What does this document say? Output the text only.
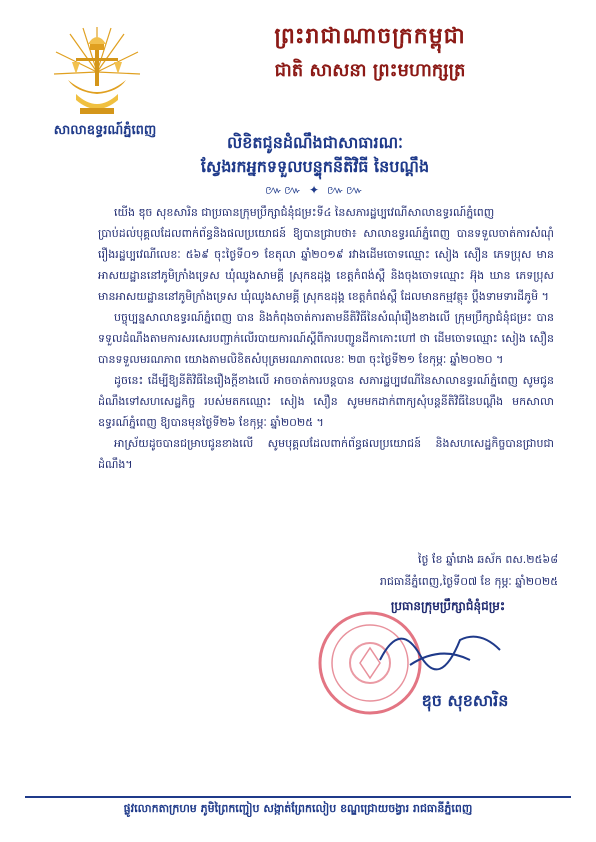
សាលាឧទ្ធរណ៍ភ្នំពេញ
ព្រះរាជាណាចក្រកម្ពុជា
ជាតិ សាសនា ព្រះមហាក្សត្រ
លិខិតជូនដំណឹងជាសាធារណៈ
ស្វែងរកអ្នកទទួលបន្ទុកនីតិវិធី នៃបណ្ដឹង
៚៚ ✦ ៚៚

យើង ឌុច សុខសារិន ជាប្រធានក្រុមប្រឹក្សាជំនុំជម្រះទី៤ នៃសភារដ្ឋប្បវេណីសាលាឧទ្ធរណ៍ភ្នំពេញ

ប្រាប់ដល់បុគ្គលដែលពាក់ព័ន្ធនិងផលប្រយោជន៍ ឱ្យបានជ្រាបថា៖ សាលាឧទ្ធរណ៍ភ្នំពេញ បានទទួលចាត់ការសំណុំរឿងរដ្ឋប្បវេណីលេខៈ ៥៦៩ ចុះថ្ងៃទី០១ ខែតុលា ឆ្នាំ២០១៩ រវាងដើមចោទឈ្មោះ សៀង សឿន ភេទប្រុស មានអាសយដ្ឋាននៅភូមិក្រាំងទ្រេស ឃុំឈូងសាមគ្គី ស្រុកឧដុង្គ ខេត្តកំពង់ស្ពឺ និងចុងចោទឈ្មោះ អ៊ុង ឃាន ភេទប្រុស មានអាសយដ្ឋាននៅភូមិក្រាំងទ្រេស ឃុំឈូងសាមគ្គី ស្រុកឧដុង្គ ខេត្តកំពង់ស្ពឺ ដែលមានកម្មវត្ថុ៖ ប្តឹងទាមទារដីភូមិ ។

បច្ចុប្បន្នសាលាឧទ្ធរណ៍ភ្នំពេញ បាន និងកំពុងចាត់ការតាមនីតិវិធីនៃសំណុំរឿងខាងលើ ក្រុមប្រឹក្សាជំនុំជម្រះ បានទទួលដំណឹងតាមការសរសេរបញ្ជាក់លើរបាយការណ៍ស្ដីពីការបញ្ជូនដីកាកោះហៅ ថា ដើមចោទឈ្មោះ សៀង សឿន បានទទួលមរណភាព យោងតាមលិខិតសំបុត្រមរណភាពលេខៈ ២៣ ចុះថ្ងៃទី២១ ខែកុម្ភៈ ឆ្នាំ២០២០ ។

ដូចនេះ ដើម្បីឱ្យនីតិវិធីនៃរឿងក្តីខាងលើ អាចចាត់ការបន្តបាន សភារដ្ឋប្បវេណីនៃសាលាឧទ្ធរណ៍ភ្នំពេញ សូមជូនដំណឹងទៅសហសេដ្ឋកិច្ច របស់មតកឈ្មោះ សៀង សឿន សូមមកដាក់ពាក្យសុំបន្តនីតិវិធីនៃបណ្ដឹង មកសាលាឧទ្ធរណ៍ភ្នំពេញ ឱ្យបានមុនថ្ងៃទី២៦ ខែកុម្ភៈ ឆ្នាំ២០២៥ ។

អាស្រ័យដូចបានជម្រាបជូនខាងលើ សូមបុគ្គលដែលពាក់ព័ន្ធផលប្រយោជន៍ និងសហសេដ្ឋកិច្ចបានជ្រាបជាដំណឹង។

ថ្ងៃ ខែ ឆ្នាំរោង ឆស័ក ពស.២៥៦៨
រាជធានីភ្នំពេញ,ថ្ងៃទី០៧ ខែ កុម្ភៈ ឆ្នាំ២០២៥
ប្រធានក្រុមប្រឹក្សាជំនុំជម្រះ
ឌុច សុខសារិន
ផ្លូវលោកតាក្រហម ភូមិព្រៃកញ្ជៀប សង្កាត់ព្រែកលៀប ខណ្ឌជ្រោយចង្វារ រាជធានីភ្នំពេញ
